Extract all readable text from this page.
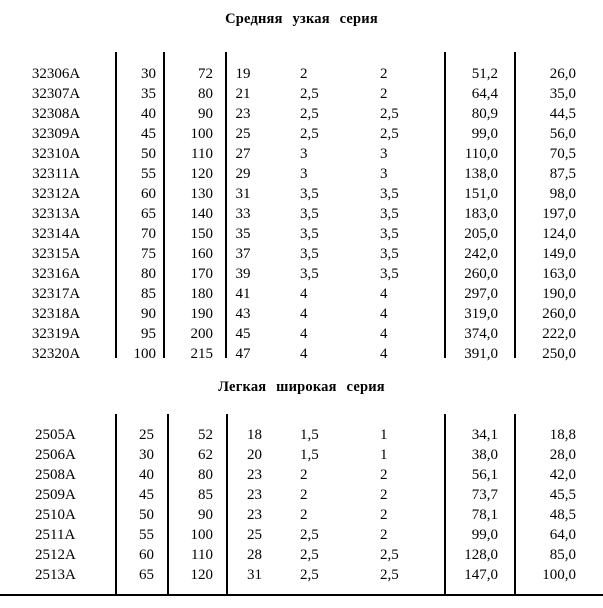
Средняя узкая серия
32306A	30	72	19	2	2	51,2	26,0
32307A	35	80	21	2,5	2	64,4	35,0
32308A	40	90	23	2,5	2,5	80,9	44,5
32309A	45	100	25	2,5	2,5	99,0	56,0
32310A	50	110	27	3	3	110,0	70,5
32311A	55	120	29	3	3	138,0	87,5
32312A	60	130	31	3,5	3,5	151,0	98,0
32313A	65	140	33	3,5	3,5	183,0	197,0
32314A	70	150	35	3,5	3,5	205,0	124,0
32315A	75	160	37	3,5	3,5	242,0	149,0
32316A	80	170	39	3,5	3,5	260,0	163,0
32317A	85	180	41	4	4	297,0	190,0
32318A	90	190	43	4	4	319,0	260,0
32319A	95	200	45	4	4	374,0	222,0
32320A	100	215	47	4	4	391,0	250,0
Легкая широкая серия
2505A	25	52	18	1,5	1	34,1	18,8
2506A	30	62	20	1,5	1	38,0	28,0
2508A	40	80	23	2	2	56,1	42,0
2509A	45	85	23	2	2	73,7	45,5
2510A	50	90	23	2	2	78,1	48,5
2511A	55	100	25	2,5	2	99,0	64,0
2512A	60	110	28	2,5	2,5	128,0	85,0
2513A	65	120	31	2,5	2,5	147,0	100,0
